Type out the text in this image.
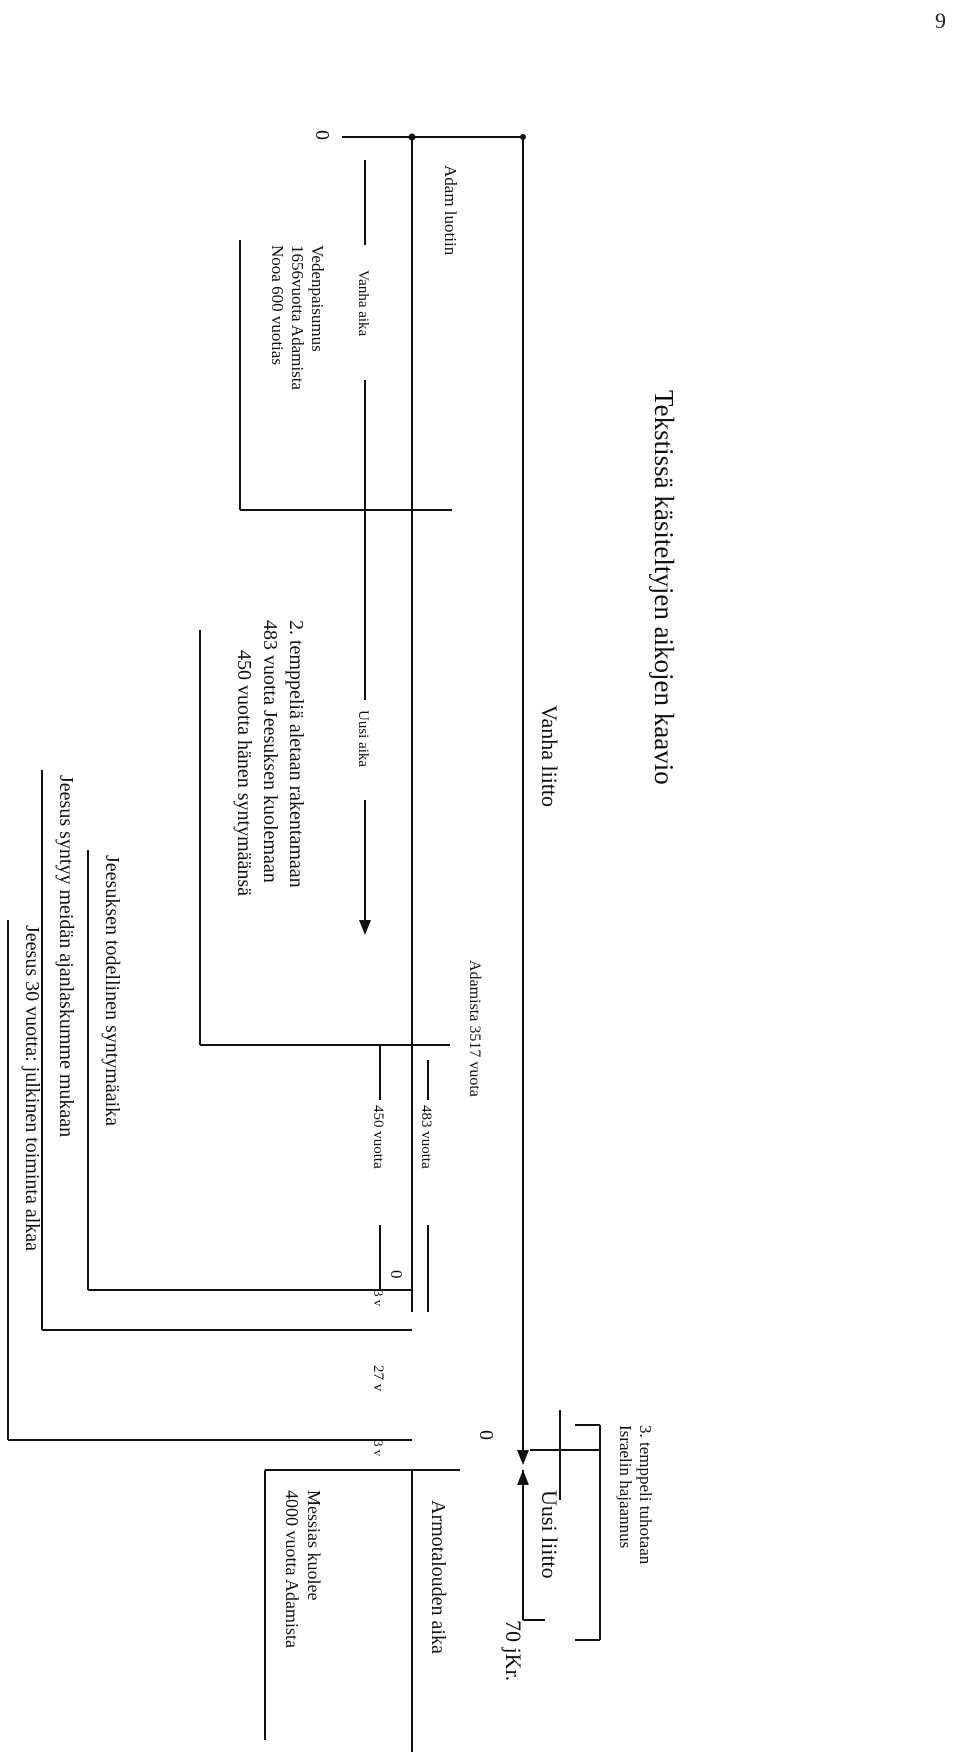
9
Tekstissä käsiteltyjen aikojen kaavio
Vanha liitto
Uusi liitto
Armotalouden aika 70 jKr.
Adam luotiin
0
0
0
Vedenpaisumus
1656vuotta Adamista
Nooa 600 vuotias	Vanha aika
Uusi aika
2. temppeliä aletaan rakentamaan
483 vuotta Jeesuksen kuolemaan
450 vuotta hänen syntymäänsä
Adamista 3517 vuota
483 vuotta
450 vuotta
3 v
27 v
3 v
Jeesuksen todellinen syntymäaika
Jeesus syntyy meidän ajanlaskumme mukaan
Jeesus 30 vuotta: julkinen toiminta alkaa
3. temppeli tuhotaan
Israelin hajaannus
Messias kuolee
4000 vuotta Adamista
